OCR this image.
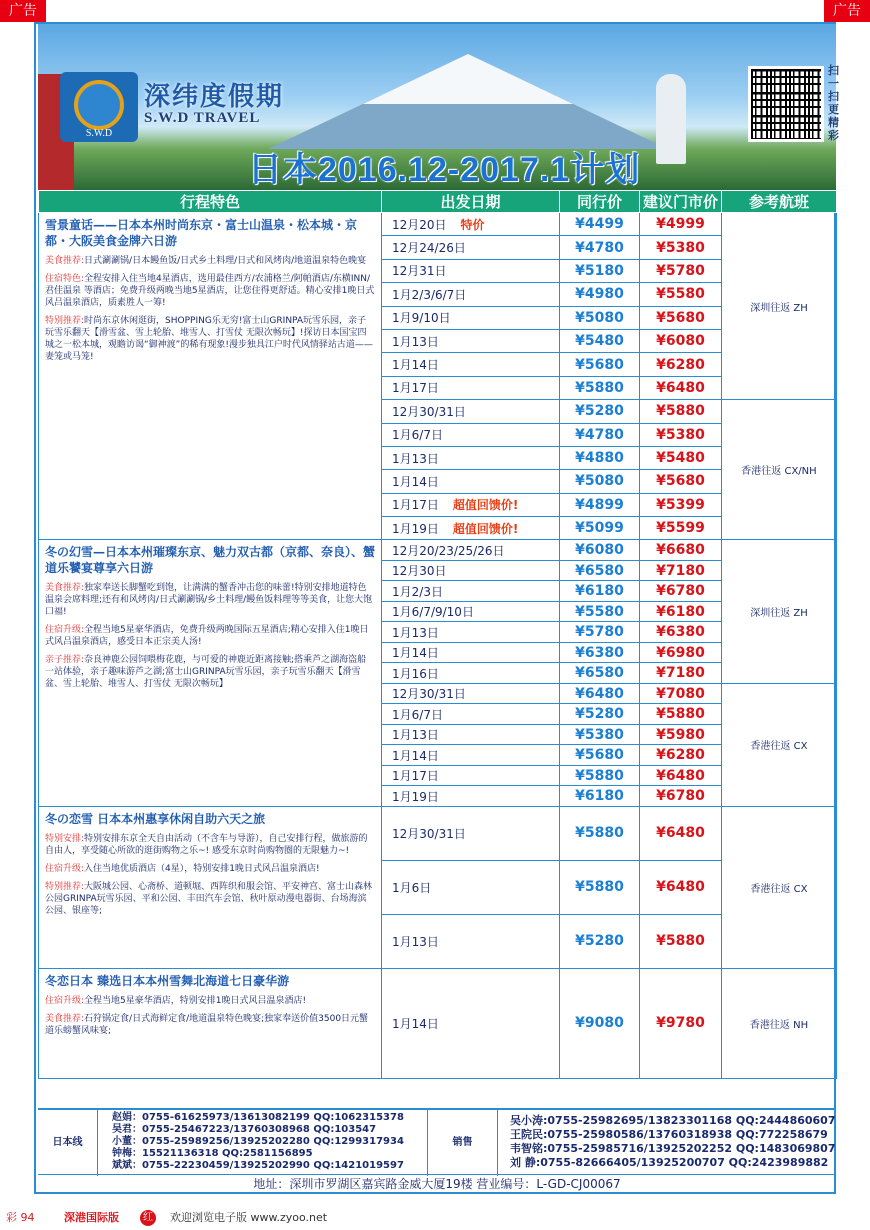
广告	广告
S.W.D
深纬度假期
S.W.D TRAVEL
扫一扫更精彩
日本2016.12-2017.1计划
行程特色	出发日期	同行价	建议门市价	参考航班

雪景童话——日本本州时尚东京・富士山温泉・松本城・京都・大阪美食金牌六日游
美食推荐:日式涮涮锅/日本鳗鱼饭/日式乡土料理/日式和风烤肉/地道温泉特色晚宴
住宿特色:全程安排入住当地4星酒店，选用最佳西方/农浦格兰/阿帕酒店/东横INN/君佳温泉 等酒店；免费升级两晚当地5星酒店，让您住得更舒适。精心安排1晚日式风吕温泉酒店，质素胜人一筹!
特别推荐:时尚东京休闲逛街，SHOPPING乐无穷!富士山GRINPA玩雪乐园，亲子玩雪乐翻天【滑雪盆、雪上轮胎、堆雪人、打雪仗 无限次畅玩】!探访日本国宝四城之一松本城，观瞻访谒“御神渡”的稀有现象!漫步独具江户时代风情驿站古道——妻笼或马笼!	12月20日 特价	¥4499	¥4999	深圳往返 ZH
	12月24/26日	¥4780	¥5380	
	12月31日	¥5180	¥5780	
	1月2/3/6/7日	¥4980	¥5580	
	1月9/10日	¥5080	¥5680	
	1月13日	¥5480	¥6080	
	1月14日	¥5680	¥6280	
	1月17日	¥5880	¥6480	
	12月30/31日	¥5280	¥5880	香港往返 CX/NH
	1月6/7日	¥4780	¥5380	
	1月13日	¥4880	¥5480	
	1月14日	¥5080	¥5680	
	1月17日 超值回馈价!	¥4899	¥5399	
	1月19日 超值回馈价!	¥5099	¥5599	

冬の幻雪—日本本州璀璨东京、魅力双古都（京都、奈良）、蟹道乐饕宴尊享六日游
美食推荐:独家奉送长脚蟹吃到饱，让满满的蟹香冲击您的味蕾!特别安排地道特色温泉会席料理;还有和风烤肉/日式涮涮锅/乡土料理/鳗鱼饭料理等等美食，让您大饱口福!
住宿升级:全程当地5星豪华酒店，免费升级两晚国际五星酒店;精心安排入住1晚日式风吕温泉酒店，感受日本正宗美人汤!
亲子推荐:奈良神鹿公园饲喂梅花鹿，与可爱的神鹿近距离接触;搭乘芦之湖海盗船一站体验，亲子趣味游芦之湖;富士山GRINPA玩雪乐园，亲子玩雪乐翻天【滑雪盆、雪上轮胎、堆雪人、打雪仗 无限次畅玩】	12月20/23/25/26日	¥6080	¥6680	深圳往返 ZH
	12月30日	¥6580	¥7180	
	1月2/3日	¥6180	¥6780	
	1月6/7/9/10日	¥5580	¥6180	
	1月13日	¥5780	¥6380	
	1月14日	¥6380	¥6980	
	1月16日	¥6580	¥7180	
	12月30/31日	¥6480	¥7080	香港往返 CX
	1月6/7日	¥5280	¥5880	
	1月13日	¥5380	¥5980	
	1月14日	¥5680	¥6280	
	1月17日	¥5880	¥6480	
	1月19日	¥6180	¥6780	

冬の恋雪 日本本州惠享休闲自助六天之旅
特别安排:特别安排东京全天自由活动（不含车与导游），自己安排行程，做旅游的自由人，享受随心所欲的逛街购物之乐~! 感受东京时尚购物圈的无限魅力~!
住宿升级:入住当地优质酒店（4星），特别安排1晚日式风吕温泉酒店!
特别推荐:大阪城公园、心斋桥、道顿堀、西阵织和服会馆、平安神宫、富士山森林公园GRINPA玩雪乐园、平和公园、丰田汽车会馆、秋叶原动漫电器街、台场海滨公园、银座等;	12月30/31日	¥5880	¥6480	香港往返 CX
	1月6日	¥5880	¥6480	
	1月13日	¥5280	¥5880	

冬恋日本 臻选日本本州雪舞北海道七日豪华游
住宿升级:全程当地5星豪华酒店，特别安排1晚日式风吕温泉酒店!
美食推荐:石狩锅定食/日式海鲜定食/地道温泉特色晚宴;独家奉送价值3500日元蟹道乐螃蟹风味宴;	1月14日	¥9080	¥9780	香港往返 NH
日本线
赵娟：0755-61625973/13613082199 QQ:1062315378
吴君：0755-25467223/13760308968 QQ:103547
小董：0755-25989256/13925202280 QQ:1299317934
钟梅：15521136318 QQ:2581156895
斌斌：0755-22230459/13925202990 QQ:1421019597
销售
吴小涛:0755-25982695/13823301168 QQ:2444860607
王院民:0755-25980586/13760318938 QQ:772258679
韦智铭:0755-25985716/13925202252 QQ:1483069807
刘 静:0755-82666405/13925200707 QQ:2423989882
地址：深圳市罗湖区嘉宾路金威大厦19楼 营业编号：L-GD-CJ00067
彩 94	深港国际版	红 欢迎浏览电子版 www.zyoo.net
